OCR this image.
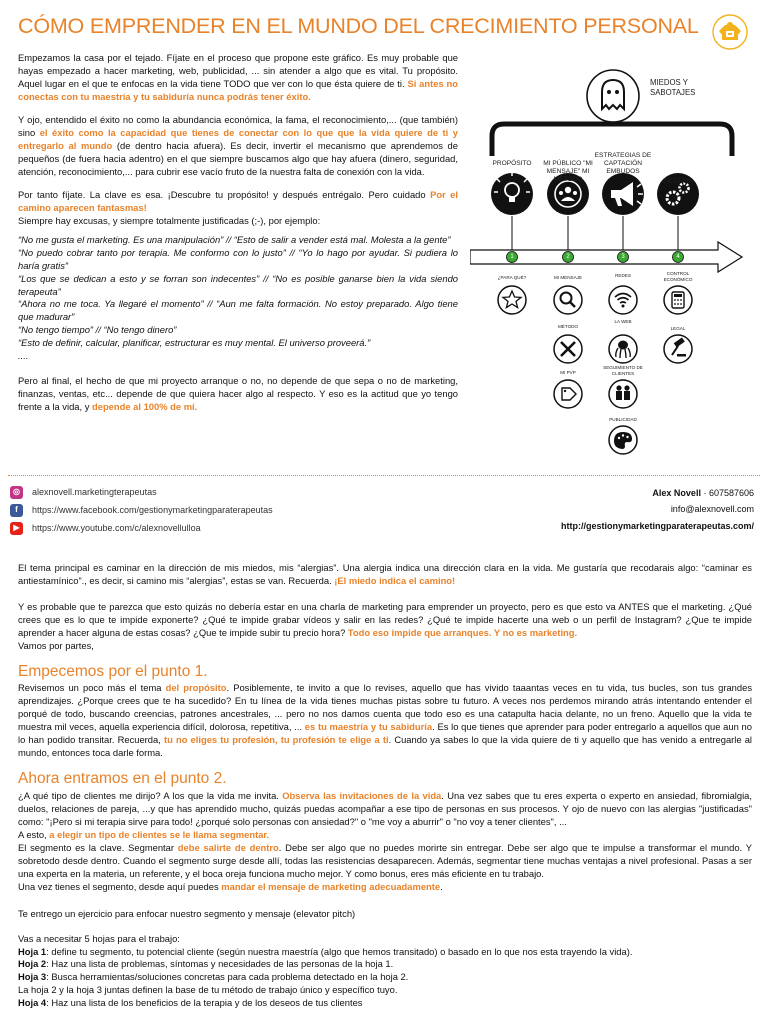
CÓMO EMPRENDER EN EL MUNDO DEL CRECIMIENTO PERSONAL

Empezamos la casa por el tejado. Fíjate en el proceso que propone este gráfico. Es muy probable que hayas empezado a hacer marketing, web, publicidad, ... sin atender a algo que es vital. Tu propósito. Aquel lugar en el que te enfocas en la vida tiene TODO que ver con lo que ésta quiere de ti. Si antes no conectas con tu maestría y tu sabiduría nunca podrás tener éxito.

Y ojo, entendido el éxito no como la abundancia económica, la fama, el reconocimiento,... (que también) sino el éxito como la capacidad que tienes de conectar con lo que que la vida quiere de ti y entregarlo al mundo (de dentro hacia afuera). Es decir, invertir el mecanismo que aprendemos de pequeños (de fuera hacia adentro) en el que siempre buscamos algo que hay afuera (dinero, seguridad, atención, reconocimiento,... para cubrir ese vacío fruto de la nuestra falta de conexión con la vida.

Por tanto fíjate. La clave es esa. ¡Descubre tu propósito! y después entrégalo. Pero cuidado Por el camino aparecen fantasmas!
Siempre hay excusas, y siempre totalmente justificadas (;-), por ejemplo:

“No me gusta el marketing. Es una manipulación” // “Esto de salir a vender está mal. Molesta a la gente”
“No puedo cobrar tanto por terapia. Me conformo con lo justo” // “Yo lo hago por ayudar. Si pudiera lo haría gratis”
“Los que se dedican a esto y se forran son indecentes” // “No es posible ganarse bien la vida siendo terapeuta”
“Ahora no me toca. Ya llegaré el momento” // “Aun me falta formación. No estoy preparado. Algo tiene que madurar”
“No tengo tiempo” // “No tengo dinero”
“Esto de definir, calcular, planificar, estructurar es muy mental. El universo proveerá.”
....

Pero al final, el hecho de que mi proyecto arranque o no, no depende de que sepa o no de marketing, finanzas, ventas, etc... depende de que quiera hacer algo al respecto. Y eso es la actitud que yo tengo frente a la vida, y depende al 100% de mí.

MIEDOS Y SABOTAJES
PROPÓSITO	MI PÚBLICO "MI MENSAJE" MI MÉTODO
ESTRATEGIAS DE CAPTACIÓN EMBUDOS
GESTIÓN
1	2	3	4
¿PARA QUÉ?	MI MENSAJE	REDES	CONTROL ECONÓMICO
MÉTODO
LA WEB
LEGAL
MI PVP
SEGUIMIENTO DE CLIENTES
PUBLICIDAD
◎	alexnovell.marketingterapeutas
f	https://www.facebook.com/gestionymarketingparaterapeutas
▶	https://www.youtube.com/c/alexnovellulloa
Alex Novell · 607587606
info@alexnovell.com
http://gestionymarketingparaterapeutas.com/

El tema principal es caminar en la dirección de mis miedos, mis “alergias”. Una alergia indica una dirección clara en la vida. Me gustaría que recodarais algo: “caminar es antiestamínico”., es decir, si camino mis “alergias”, estas se van. Recuerda. ¡El miedo indica el camino!

Y es probable que te parezca que esto quizás no debería estar en una charla de marketing para emprender un proyecto, pero es que esto va ANTES que el marketing. ¿Qué crees que es lo que te impide exponerte? ¿Qué te impide grabar vídeos y salir en las redes? ¿Qué te impide hacerte una web o un perfil de Instagram? ¿Que te impide aprender a hacer alguna de estas cosas? ¿Que te impide subir tu precio hora? Todo eso impide que arranques. Y no es marketing.
Vamos por partes,

Empecemos por el punto 1.

Revisemos un poco más el tema del propósito. Posiblemente, te invito a que lo revises, aquello que has vivido taaantas veces en tu vida, tus bucles, son tus grandes aprendizajes. ¿Porque crees que te ha sucedido? En tu línea de la vida tienes muchas pistas sobre tu futuro. A veces nos perdemos mirando atrás intentando entender el porqué de todo, buscando creencias, patrones ancestrales, ... pero no nos damos cuenta que todo eso es una catapulta hacia delante, no un freno. Aquello que la vida te muestra mil veces, aquella experiencia difícil, dolorosa, repetitiva, ... es tu maestría y tu sabiduría. Es lo que tienes que aprender para poder entregarlo a aquellos que aun no lo han podido transitar. Recuerda, tu no eliges tu profesión, tu profesión te elige a ti. Cuando ya sabes lo que la vida quiere de ti y aquello que has venido a entregarle al mundo, entonces toca darle forma.

Ahora entramos en el punto 2.

¿A qué tipo de clientes me dirijo? A los que la vida me invita. Observa las invitaciones de la vida. Una vez sabes que tu eres experta o experto en ansiedad, fibromialgia, duelos, relaciones de pareja, ...y que has aprendido mucho, quizás puedas acompañar a ese tipo de personas en sus procesos. Y ojo de nuevo con las alergias "justificadas" como: "¡Pero si mi terapia sirve para todo! ¿porqué solo personas con ansiedad?" o "me voy a aburrir" o "no voy a tener clientes", ...

A esto, a elegir un tipo de clientes se le llama segmentar.

El segmento es la clave. Segmentar debe salirte de dentro. Debe ser algo que no puedes morirte sin entregar. Debe ser algo que te impulse a transformar el mundo. Y sobretodo desde dentro. Cuando el segmento surge desde allí, todas las resistencias desaparecen. Además, segmentar tiene muchas ventajas a nivel profesional. Pasas a ser una experta en la materia, un referente, y el boca oreja funciona mucho mejor. Y como bonus, eres más eficiente en tu trabajo.

Una vez tienes el segmento, desde aquí puedes mandar el mensaje de marketing adecuadamente.

Te entrego un ejercicio para enfocar nuestro segmento y mensaje (elevator pitch)

Vas a necesitar 5 hojas para el trabajo:

Hoja 1: define tu segmento, tu potencial cliente (según nuestra maestría (algo que hemos transitado) o basado en lo que nos esta trayendo la vida).
Hoja 2: Haz una lista de problemas, síntomas y necesidades de las personas de la hoja 1.
Hoja 3: Busca herramientas/soluciones concretas para cada problema detectado en la hoja 2.
La hoja 2 y la hoja 3 juntas definen la base de tu método de trabajo único y específico tuyo.
Hoja 4: Haz una lista de los beneficios de la terapia y de los deseos de tus clientes
